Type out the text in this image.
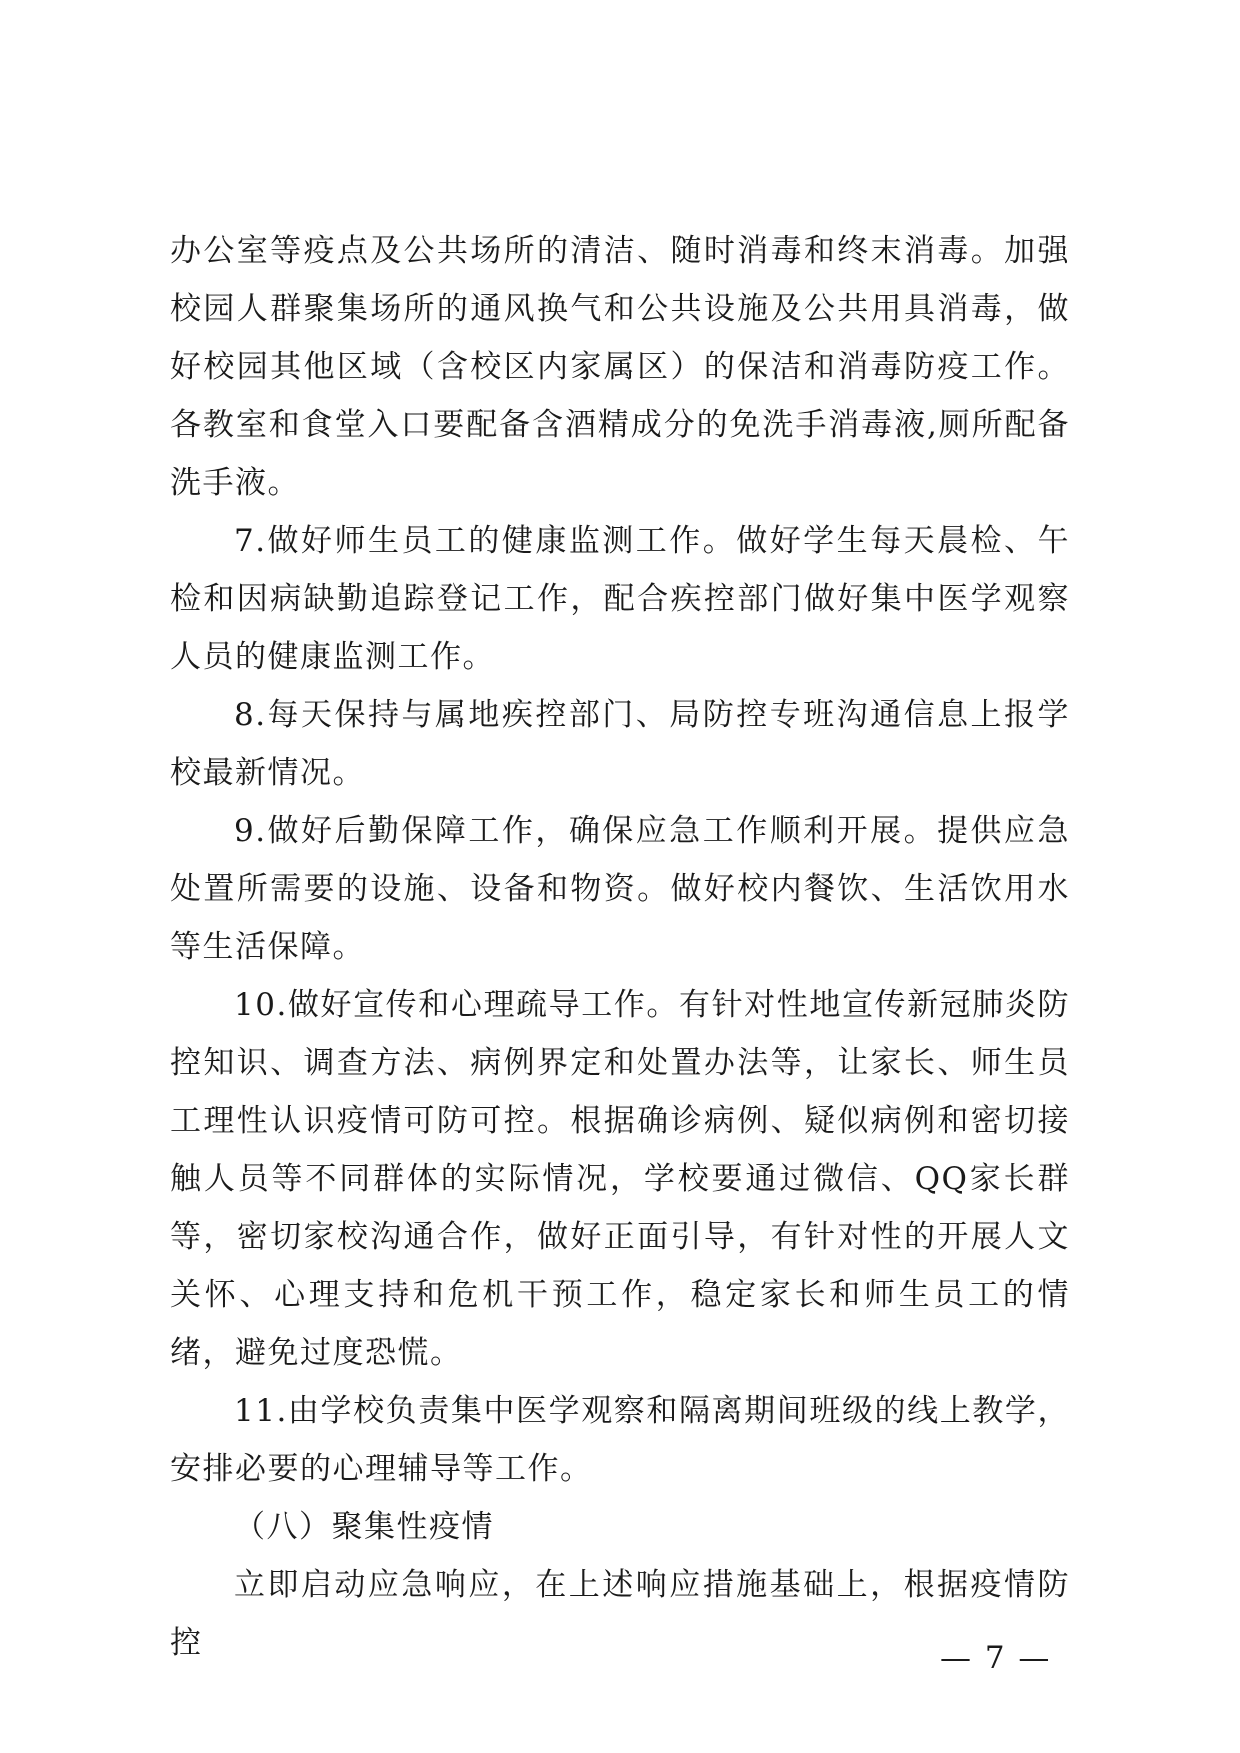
办公室等疫点及公共场所的清洁、随时消毒和终末消毒。加强校园人群聚集场所的通风换气和公共设施及公共用具消毒，做好校园其他区域（含校区内家属区）的保洁和消毒防疫工作。各教室和食堂入口要配备含酒精成分的免洗手消毒液,厕所配备洗手液。

7.做好师生员工的健康监测工作。做好学生每天晨检、午检和因病缺勤追踪登记工作，配合疾控部门做好集中医学观察人员的健康监测工作。

8.每天保持与属地疾控部门、局防控专班沟通信息上报学校最新情况。

9.做好后勤保障工作，确保应急工作顺利开展。提供应急处置所需要的设施、设备和物资。做好校内餐饮、生活饮用水等生活保障。

10.做好宣传和心理疏导工作。有针对性地宣传新冠肺炎防控知识、调查方法、病例界定和处置办法等，让家长、师生员工理性认识疫情可防可控。根据确诊病例、疑似病例和密切接触人员等不同群体的实际情况，学校要通过微信、QQ家长群等，密切家校沟通合作，做好正面引导，有针对性的开展人文关怀、心理支持和危机干预工作，稳定家长和师生员工的情绪，避免过度恐慌。

11.由学校负责集中医学观察和隔离期间班级的线上教学，安排必要的心理辅导等工作。

（八）聚集性疫情

立即启动应急响应，在上述响应措施基础上，根据疫情防控	— 7 —
